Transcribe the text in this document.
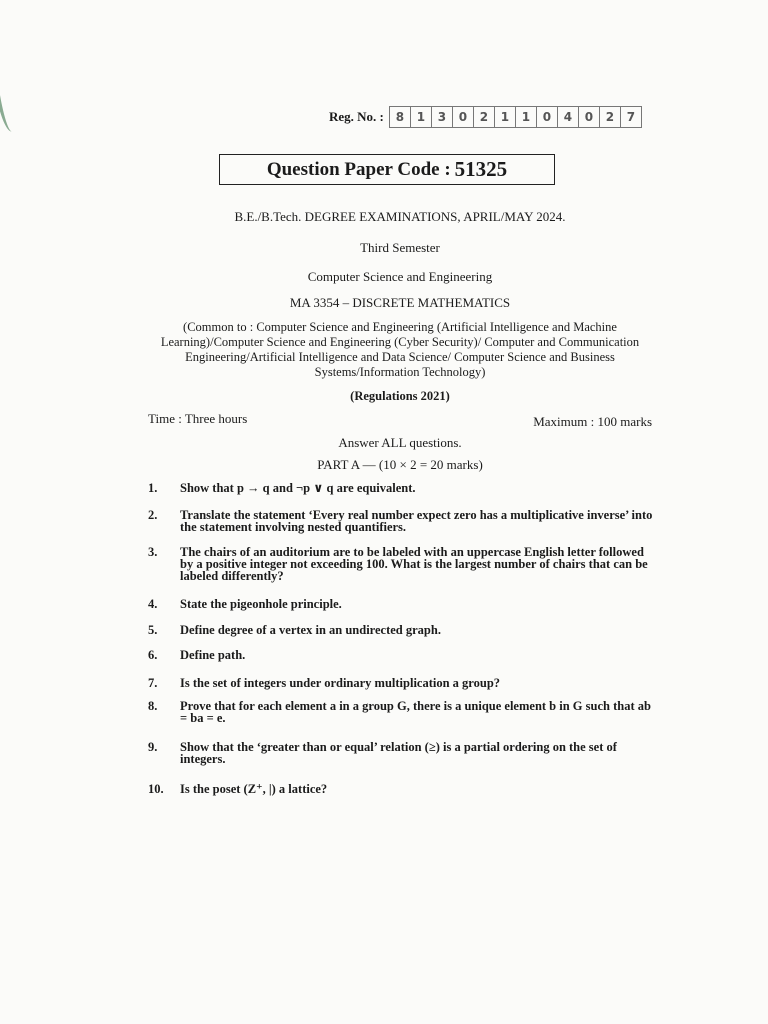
Reg. No. : 8	1	3	0	2	1	1	0	4	0	2	7
Question Paper Code : 51325
B.E./B.Tech. DEGREE EXAMINATIONS, APRIL/MAY 2024.
Third Semester
Computer Science and Engineering
MA 3354 – DISCRETE MATHEMATICS
(Common to : Computer Science and Engineering (Artificial Intelligence and Machine Learning)/Computer Science and Engineering (Cyber Security)/ Computer and Communication Engineering/Artificial Intelligence and Data Science/ Computer Science and Business Systems/Information Technology)
(Regulations 2021)
Time : Three hours	Maximum : 100 marks
Answer ALL questions.
PART A — (10 × 2 = 20 marks)
1. Show that p → q and ¬p ∨ q are equivalent.
2. Translate the statement ‘Every real number expect zero has a multiplicative inverse’ into the statement involving nested quantifiers.
3. The chairs of an auditorium are to be labeled with an uppercase English letter followed by a positive integer not exceeding 100. What is the largest number of chairs that can be labeled differently?
4. State the pigeonhole principle.
5. Define degree of a vertex in an undirected graph.
6. Define path.
7. Is the set of integers under ordinary multiplication a group?
8. Prove that for each element a in a group G, there is a unique element b in G such that ab = ba = e.
9. Show that the ‘greater than or equal’ relation (≥) is a partial ordering on the set of integers.
10. Is the poset (Z⁺, |) a lattice?
